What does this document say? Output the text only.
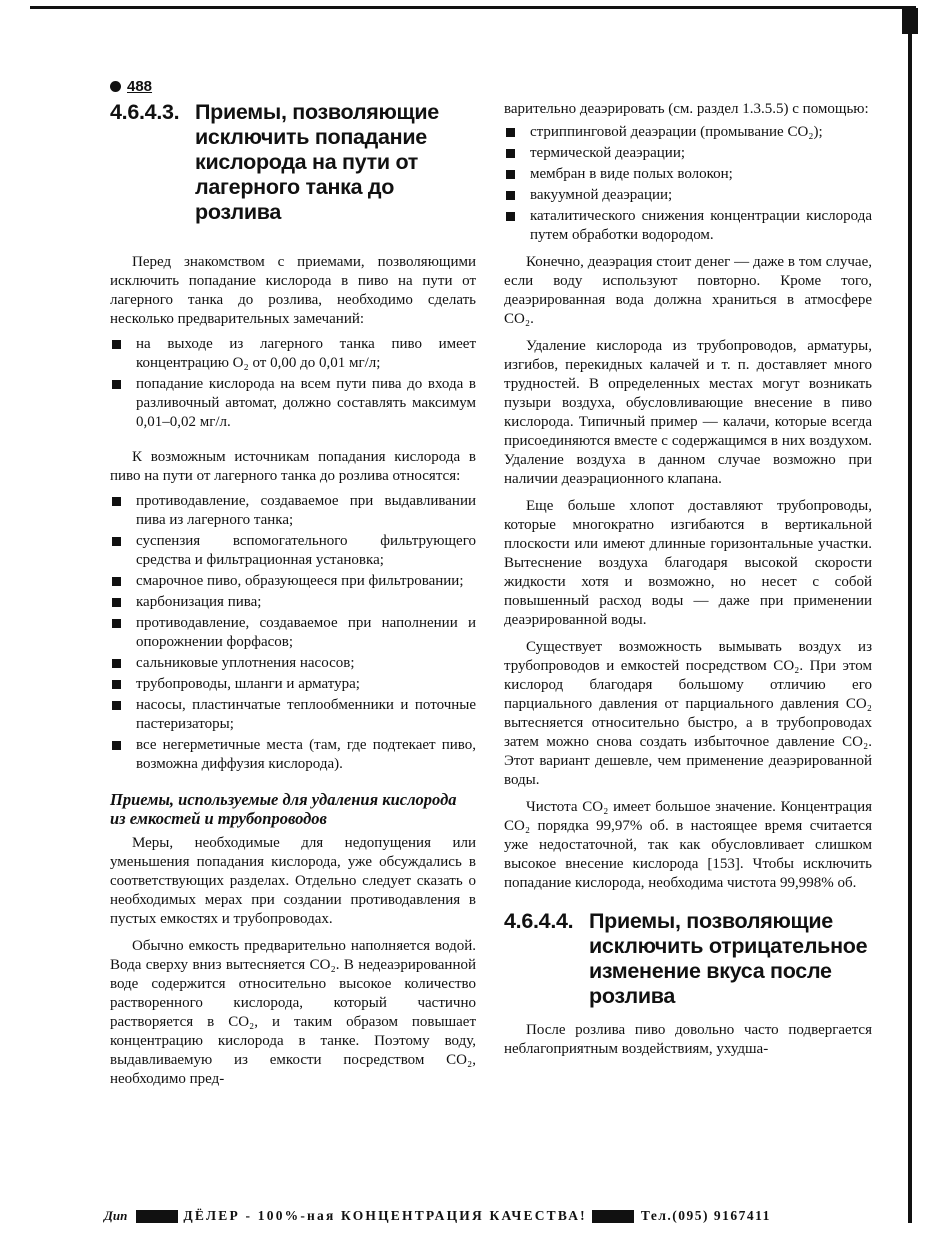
488
4.6.4.3. Приемы, позволяющие исключить попадание кислорода на пути от лагерного танка до розлива

Перед знакомством с приемами, позволяющими исключить попадание кислорода в пиво на пути от лагерного танка до розлива, необходимо сделать несколько предварительных замечаний:

на выходе из лагерного танка пиво имеет концентрацию O₂ от 0,00 до 0,01 мг/л;
попадание кислорода на всем пути пива до входа в разливочный автомат, должно составлять максимум 0,01–0,02 мг/л.

К возможным источникам попадания кислорода в пиво на пути от лагерного танка до розлива относятся:

противодавление, создаваемое при выдавливании пива из лагерного танка;
суспензия вспомогательного фильтрующего средства и фильтрационная установка;
смарочное пиво, образующееся при фильтровании;
карбонизация пива;
противодавление, создаваемое при наполнении и опорожнении форфасов;
сальниковые уплотнения насосов;
трубопроводы, шланги и арматура;
насосы, пластинчатые теплообменники и поточные пастеризаторы;
все негерметичные места (там, где подтекает пиво, возможна диффузия кислорода).
Приемы, используемые для удаления кислорода из емкостей и трубопроводов

Меры, необходимые для недопущения или уменьшения попадания кислорода, уже обсуждались в соответствующих разделах. Отдельно следует сказать о необходимых мерах при создании противодавления в пустых емкостях и трубопроводах.

Обычно емкость предварительно наполняется водой. Вода сверху вниз вытесняется CO₂. В недеаэрированной воде содержится относительно высокое количество растворенного кислорода, который частично растворяется в CO₂, и таким образом повышает концентрацию кислорода в танке. Поэтому воду, выдавливаемую из емкости посредством CO₂, необходимо пред-

варительно деаэрировать (см. раздел 1.3.5.5) с помощью:

стриппинговой деаэрации (промывание CO₂);
термической деаэрации;
мембран в виде полых волокон;
вакуумной деаэрации;
каталитического снижения концентрации кислорода путем обработки водородом.

Конечно, деаэрация стоит денег — даже в том случае, если воду используют повторно. Кроме того, деаэрированная вода должна храниться в атмосфере CO₂.

Удаление кислорода из трубопроводов, арматуры, изгибов, перекидных калачей и т. п. доставляет много трудностей. В определенных местах могут возникать пузыри воздуха, обусловливающие внесение в пиво кислорода. Типичный пример — калачи, которые всегда присоединяются вместе с содержащимся в них воздухом. Удаление воздуха в данном случае возможно при наличии деаэрационного клапана.

Еще больше хлопот доставляют трубопроводы, которые многократно изгибаются в вертикальной плоскости или имеют длинные горизонтальные участки. Вытеснение воздуха благодаря высокой скорости жидкости хотя и возможно, но несет с собой повышенный расход воды — даже при применении деаэрированной воды.

Существует возможность вымывать воздух из трубопроводов и емкостей посредством CO₂. При этом кислород благодаря большому отличию его парциального давления от парциального давления CO₂ вытесняется относительно быстро, а в трубопроводах затем можно снова создать избыточное давление CO₂. Этот вариант дешевле, чем применение деаэрированной воды.

Чистота CO₂ имеет большое значение. Концентрация CO₂ порядка 99,97% об. в настоящее время считается уже недостаточной, так как обусловливает слишком высокое внесение кислорода [153]. Чтобы исключить попадание кислорода, необходима чистота 99,998% об.

4.6.4.4. Приемы, позволяющие исключить отрицательное изменение вкуса после розлива

После розлива пиво довольно часто подвергается неблагоприятным воздействиям, ухудша-

Дип	ДЁЛЕР - 100%-ная КОНЦЕНТРАЦИЯ КАЧЕСТВА!	Тел.(095) 9167411
